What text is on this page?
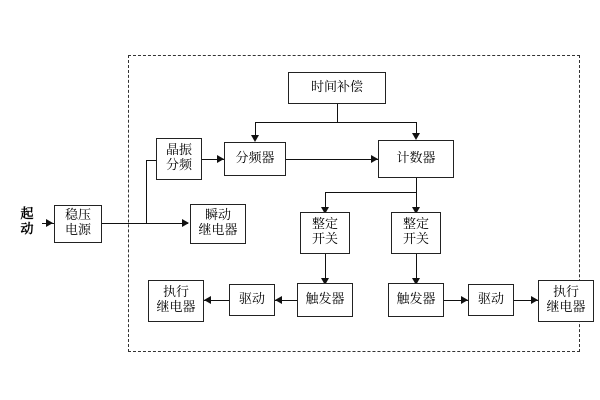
起
动
稳压
电源
瞬动
继电器
晶振
分频	分频器	计数器
时间补偿
整定
开关
整定
开关
触发器	触发器
驱动
执行
继电器
驱动	执行
继电器
